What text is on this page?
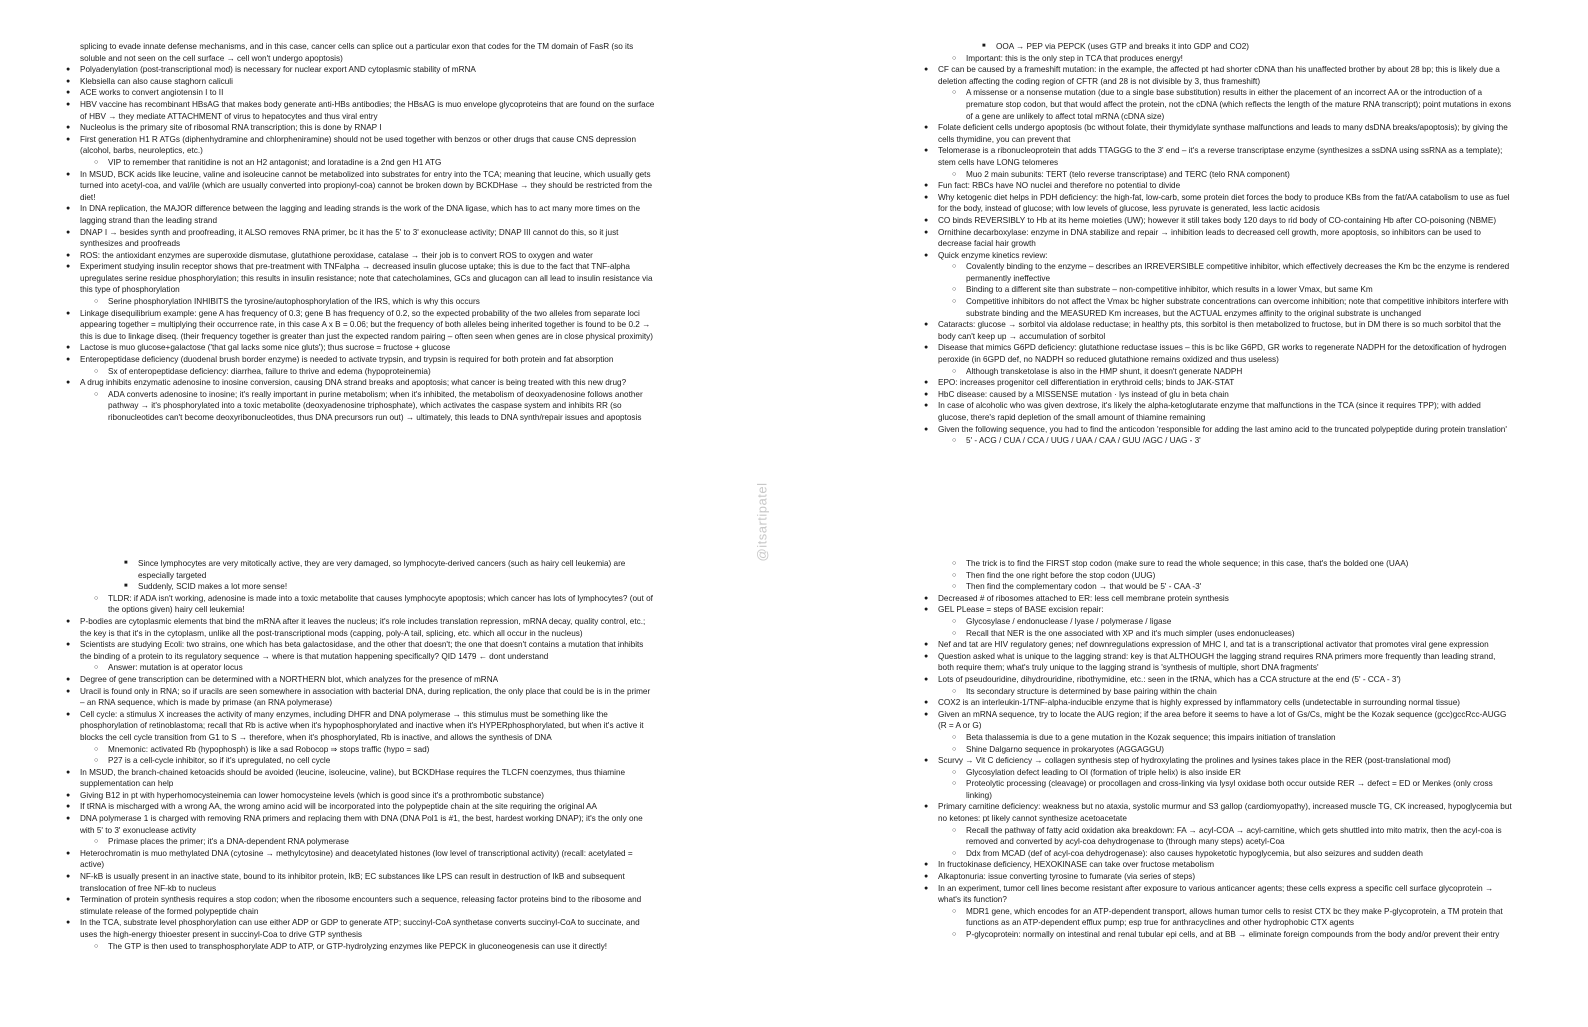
splicing to evade innate defense mechanisms, and in this case, cancer cells can splice out a particular exon that codes for the TM domain of FasR (so its soluble and not seen on the cell surface → cell won't undergo apoptosis)
● Polyadenylation (post-transcriptional mod) is necessary for nuclear export AND cytoplasmic stability of mRNA
● Klebsiella can also cause staghorn caliculi
● ACE works to convert angiotensin I to II
● HBV vaccine has recombinant HBsAG that makes body generate anti-HBs antibodies; the HBsAG is muo envelope glycoproteins that are found on the surface of HBV → they mediate ATTACHMENT of virus to hepatocytes and thus viral entry
● Nucleolus is the primary site of ribosomal RNA transcription; this is done by RNAP I
● First generation H1 R ATGs (diphenhydramine and chlorpheniramine) should not be used together with benzos or other drugs that cause CNS depression (alcohol, barbs, neuroleptics, etc.)
○ VIP to remember that ranitidine is not an H2 antagonist; and loratadine is a 2nd gen H1 ATG
● In MSUD, BCK acids like leucine, valine and isoleucine cannot be metabolized into substrates for entry into the TCA; meaning that leucine, which usually gets turned into acetyl-coa, and val/ile (which are usually converted into propionyl-coa) cannot be broken down by BCKDHase → they should be restricted from the diet!
● In DNA replication, the MAJOR difference between the lagging and leading strands is the work of the DNA ligase, which has to act many more times on the lagging strand than the leading strand
● DNAP I → besides synth and proofreading, it ALSO removes RNA primer, bc it has the 5' to 3' exonuclease activity; DNAP III cannot do this, so it just synthesizes and proofreads
● ROS: the antioxidant enzymes are superoxide dismutase, glutathione peroxidase, catalase → their job is to convert ROS to oxygen and water
● Experiment studying insulin receptor shows that pre-treatment with TNFalpha → decreased insulin glucose uptake; this is due to the fact that TNF-alpha upregulates serine residue phosphorylation; this results in insulin resistance; note that catecholamines, GCs and glucagon can all lead to insulin resistance via this type of phosphorylation
○ Serine phosphorylation INHIBITS the tyrosine/autophosphorylation of the IRS, which is why this occurs
● Linkage disequilibrium example: gene A has frequency of 0.3; gene B has frequency of 0.2, so the expected probability of the two alleles from separate loci appearing together = multiplying their occurrence rate, in this case A x B = 0.06; but the frequency of both alleles being inherited together is found to be 0.2 → this is due to linkage diseq. (their frequency together is greater than just the expected random pairing – often seen when genes are in close physical proximity)
● Lactose is muo glucose+galactose ('that gal lacks some nice gluts'); thus sucrose = fructose + glucose
● Enteropeptidase deficiency (duodenal brush border enzyme) is needed to activate trypsin, and trypsin is required for both protein and fat absorption
○ Sx of enteropeptidase deficiency: diarrhea, failure to thrive and edema (hypoproteinemia)
● A drug inhibits enzymatic adenosine to inosine conversion, causing DNA strand breaks and apoptosis; what cancer is being treated with this new drug?
○ ADA converts adenosine to inosine; it's really important in purine metabolism; when it's inhibited, the metabolism of deoxyadenosine follows another pathway → it's phosphorylated into a toxic metabolite (deoxyadenosine triphosphate), which activates the caspase system and inhibits RR (so ribonucleotides can't become deoxyribonucleotides, thus DNA precursors run out) → ultimately, this leads to DNA synth/repair issues and apoptosis
■ OOA → PEP via PEPCK (uses GTP and breaks it into GDP and CO2)
○ Important: this is the only step in TCA that produces energy!
● CF can be caused by a frameshift mutation: in the example, the affected pt had shorter cDNA than his unaffected brother by about 28 bp; this is likely due a deletion affecting the coding region of CFTR (and 28 is not divisible by 3, thus frameshift)
○ A missense or a nonsense mutation (due to a single base substitution) results in either the placement of an incorrect AA or the introduction of a premature stop codon, but that would affect the protein, not the cDNA (which reflects the length of the mature RNA transcript); point mutations in exons of a gene are unlikely to affect total mRNA (cDNA size)
● Folate deficient cells undergo apoptosis (bc without folate, their thymidylate synthase malfunctions and leads to many dsDNA breaks/apoptosis); by giving the cells thymidine, you can prevent that
● Telomerase is a ribonucleoprotein that adds TTAGGG to the 3' end – it's a reverse transcriptase enzyme (synthesizes a ssDNA using ssRNA as a template); stem cells have LONG telomeres
○ Muo 2 main subunits: TERT (telo reverse transcriptase) and TERC (telo RNA component)
● Fun fact: RBCs have NO nuclei and therefore no potential to divide
● Why ketogenic diet helps in PDH deficiency: the high-fat, low-carb, some protein diet forces the body to produce KBs from the fat/AA catabolism to use as fuel for the body, instead of glucose; with low levels of glucose, less pyruvate is generated, less lactic acidosis
● CO binds REVERSIBLY to Hb at its heme moieties (UW); however it still takes body 120 days to rid body of CO-containing Hb after CO-poisoning (NBME)
● Ornithine decarboxylase: enzyme in DNA stabilize and repair → inhibition leads to decreased cell growth, more apoptosis, so inhibitors can be used to decrease facial hair growth
● Quick enzyme kinetics review:
○ Covalently binding to the enzyme – describes an IRREVERSIBLE competitive inhibitor, which effectively decreases the Km bc the enzyme is rendered permanently ineffective
○ Binding to a different site than substrate – non-competitive inhibitor, which results in a lower Vmax, but same Km
○ Competitive inhibitors do not affect the Vmax bc higher substrate concentrations can overcome inhibition; note that competitive inhibitors interfere with substrate binding and the MEASURED Km increases, but the ACTUAL enzymes affinity to the original substrate is unchanged
● Cataracts: glucose → sorbitol via aldolase reductase; in healthy pts, this sorbitol is then metabolized to fructose, but in DM there is so much sorbitol that the body can't keep up → accumulation of sorbitol
● Disease that mimics G6PD deficiency: glutathione reductase issues – this is bc like G6PD, GR works to regenerate NADPH for the detoxification of hydrogen peroxide (in 6GPD def, no NADPH so reduced glutathione remains oxidized and thus useless)
○ Although transketolase is also in the HMP shunt, it doesn't generate NADPH
● EPO: increases progenitor cell differentiation in erythroid cells; binds to JAK-STAT
● HbC disease: caused by a MISSENSE mutation · lys instead of glu in beta chain
● In case of alcoholic who was given dextrose, it's likely the alpha-ketoglutarate enzyme that malfunctions in the TCA (since it requires TPP); with added glucose, there's rapid depletion of the small amount of thiamine remaining
● Given the following sequence, you had to find the anticodon 'responsible for adding the last amino acid to the truncated polypeptide during protein translation'
○ 5' - ACG / CUA / CCA / UUG / UAA / CAA / GUU /AGC / UAG - 3'
■ Since lymphocytes are very mitotically active, they are very damaged, so lymphocyte-derived cancers (such as hairy cell leukemia) are especially targeted
■ Suddenly, SCID makes a lot more sense!
○ TLDR: if ADA isn't working, adenosine is made into a toxic metabolite that causes lymphocyte apoptosis; which cancer has lots of lymphocytes? (out of the options given) hairy cell leukemia!
● P-bodies are cytoplasmic elements that bind the mRNA after it leaves the nucleus; it's role includes translation repression, mRNA decay, quality control, etc.; the key is that it's in the cytoplasm, unlike all the post-transcriptional mods (capping, poly-A tail, splicing, etc. which all occur in the nucleus)
● Scientists are studying Ecoli: two strains, one which has beta galactosidase, and the other that doesn't; the one that doesn't contains a mutation that inhibits the binding of a protein to its regulatory sequence → where is that mutation happening specifically? QID 1479 ← dont understand
○ Answer: mutation is at operator locus
● Degree of gene transcription can be determined with a NORTHERN blot, which analyzes for the presence of mRNA
● Uracil is found only in RNA; so if uracils are seen somewhere in association with bacterial DNA, during replication, the only place that could be is in the primer – an RNA sequence, which is made by primase (an RNA polymerase)
● Cell cycle: a stimulus X increases the activity of many enzymes, including DHFR and DNA polymerase → this stimulus must be something like the phosphorylation of retinoblastoma; recall that Rb is active when it's hypophosphorylated and inactive when it's HYPERphosphorylated, but when it's active it blocks the cell cycle transition from G1 to S → therefore, when it's phosphorylated, Rb is inactive, and allows the synthesis of DNA
○ Mnemonic: activated Rb (hypophosph) is like a sad Robocop ⇒ stops traffic (hypo = sad)
○ P27 is a cell-cycle inhibitor, so if it's upregulated, no cell cycle
● In MSUD, the branch-chained ketoacids should be avoided (leucine, isoleucine, valine), but BCKDHase requires the TLCFN coenzymes, thus thiamine supplementation can help
● Giving B12 in pt with hyperhomocysteinemia can lower homocysteine levels (which is good since it's a prothrombotic substance)
● If tRNA is mischarged with a wrong AA, the wrong amino acid will be incorporated into the polypeptide chain at the site requiring the original AA
● DNA polymerase 1 is charged with removing RNA primers and replacing them with DNA (DNA Pol1 is #1, the best, hardest working DNAP); it's the only one with 5' to 3' exonuclease activity
○ Primase places the primer; it's a DNA-dependent RNA polymerase
● Heterochromatin is muo methylated DNA (cytosine → methylcytosine) and deacetylated histones (low level of transcriptional activity) (recall: acetylated = active)
● NF-kB is usually present in an inactive state, bound to its inhibitor protein, IkB; EC substances like LPS can result in destruction of IkB and subsequent translocation of free NF-kb to nucleus
● Termination of protein synthesis requires a stop codon; when the ribosome encounters such a sequence, releasing factor proteins bind to the ribosome and stimulate release of the formed polypeptide chain
● In the TCA, substrate level phosphorylation can use either ADP or GDP to generate ATP; succinyl-CoA synthetase converts succinyl-CoA to succinate, and uses the high-energy thioester present in succinyl-Coa to drive GTP synthesis
○ The GTP is then used to transphosphorylate ADP to ATP, or GTP-hydrolyzing enzymes like PEPCK in gluconeogenesis can use it directly!
○ The trick is to find the FIRST stop codon (make sure to read the whole sequence; in this case, that's the bolded one (UAA)
○ Then find the one right before the stop codon (UUG)
○ Then find the complementary codon → that would be 5' - CAA -3'
● Decreased # of ribosomes attached to ER: less cell membrane protein synthesis
● GEL PLease = steps of BASE excision repair:
○ Glycosylase / endonuclease / lyase / polymerase / ligase
○ Recall that NER is the one associated with XP and it's much simpler (uses endonucleases)
● Nef and tat are HIV regulatory genes; nef downregulations expression of MHC I, and tat is a transcriptional activator that promotes viral gene expression
● Question asked what is unique to the lagging strand: key is that ALTHOUGH the lagging strand requires RNA primers more frequently than leading strand, both require them; what's truly unique to the lagging strand is 'synthesis of multiple, short DNA fragments'
● Lots of pseudouridine, dihydrouridine, ribothymidine, etc.: seen in the tRNA, which has a CCA structure at the end (5' - CCA - 3')
○ Its secondary structure is determined by base pairing within the chain
● COX2 is an interleukin-1/TNF-alpha-inducible enzyme that is highly expressed by inflammatory cells (undetectable in surrounding normal tissue)
● Given an mRNA sequence, try to locate the AUG region; if the area before it seems to have a lot of Gs/Cs, might be the Kozak sequence (gcc)gccRcc-AUGG (R = A or G)
○ Beta thalassemia is due to a gene mutation in the Kozak sequence; this impairs initiation of translation
○ Shine Dalgarno sequence in prokaryotes (AGGAGGU)
● Scurvy → Vit C deficiency → collagen synthesis step of hydroxylating the prolines and lysines takes place in the RER (post-translational mod)
○ Glycosylation defect leading to OI (formation of triple helix) is also inside ER
○ Proteolytic processing (cleavage) or procollagen and cross-linking via lysyl oxidase both occur outside RER → defect = ED or Menkes (only cross linking)
● Primary carnitine deficiency: weakness but no ataxia, systolic murmur and S3 gallop (cardiomyopathy), increased muscle TG, CK increased, hypoglycemia but no ketones: pt likely cannot synthesize acetoacetate
○ Recall the pathway of fatty acid oxidation aka breakdown: FA → acyl-COA → acyl-carnitine, which gets shuttled into mito matrix, then the acyl-coa is removed and converted by acyl-coa dehydrogenase to (through many steps) acetyl-Coa
○ Ddx from MCAD (def of acyl-coa dehydrogenase): also causes hypoketotic hypoglycemia, but also seizures and sudden death
● In fructokinase deficiency, HEXOKINASE can take over fructose metabolism
● Alkaptonuria: issue converting tyrosine to fumarate (via series of steps)
● In an experiment, tumor cell lines become resistant after exposure to various anticancer agents; these cells express a specific cell surface glycoprotein → what's its function?
○ MDR1 gene, which encodes for an ATP-dependent transport, allows human tumor cells to resist CTX bc they make P-glycoprotein, a TM protein that functions as an ATP-dependent efflux pump; esp true for anthracyclines and other hydrophobic CTX agents
○ P-glycoprotein: normally on intestinal and renal tubular epi cells, and at BB → eliminate foreign compounds from the body and/or prevent their entry
@itsartipatel
